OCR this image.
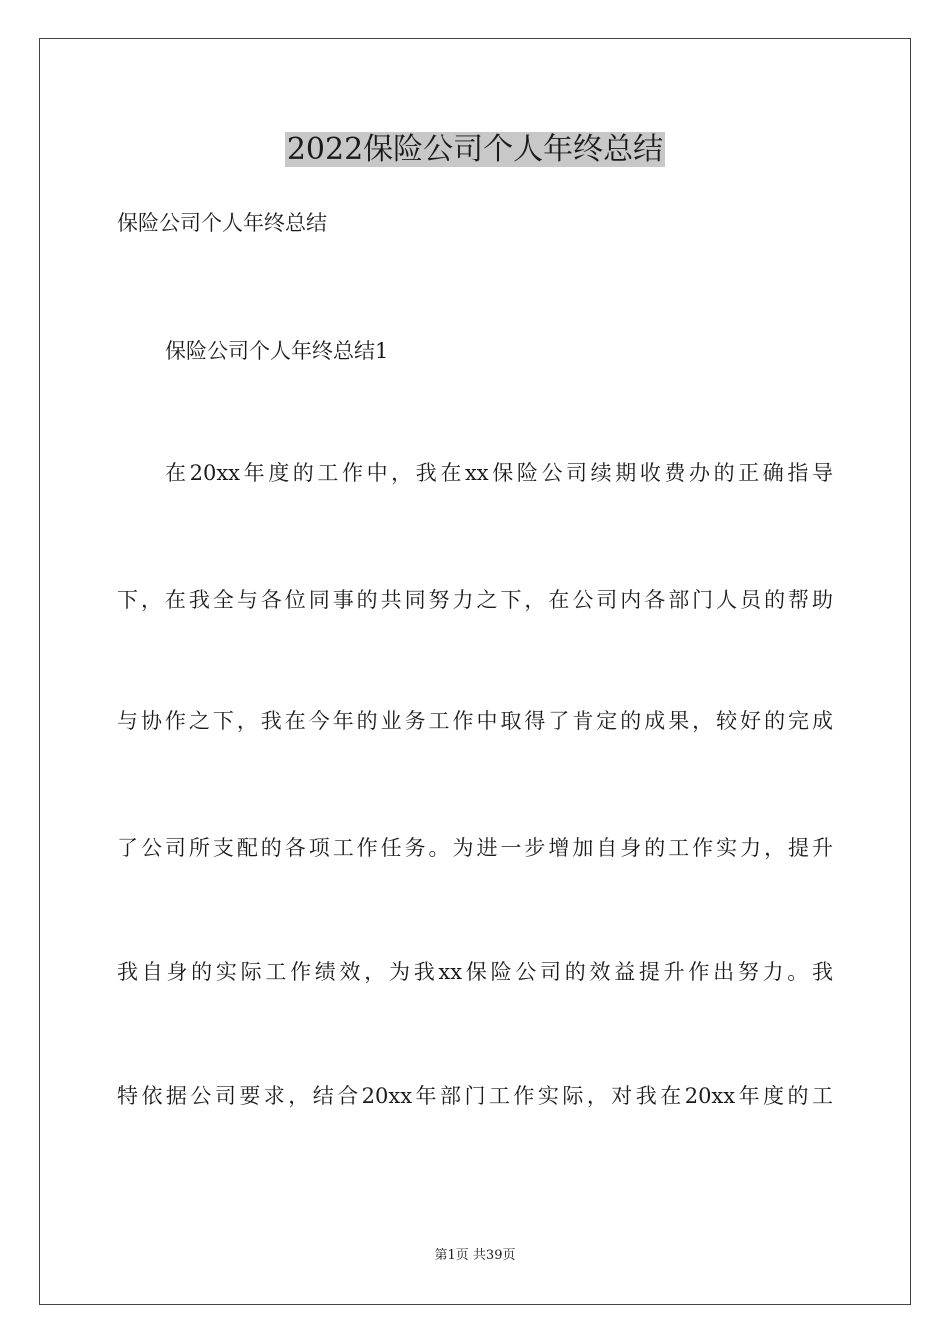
2022保险公司个人年终总结
保险公司个人年终总结
保险公司个人年终总结1
在20xx年度的工作中，我在xx保险公司续期收费办的正确指导
下，在我全与各位同事的共同努力之下，在公司内各部门人员的帮助
与协作之下，我在今年的业务工作中取得了肯定的成果，较好的完成
了公司所支配的各项工作任务。为进一步增加自身的工作实力，提升
我自身的实际工作绩效，为我xx保险公司的效益提升作出努力。我
特依据公司要求，结合20xx年部门工作实际，对我在20xx年度的工
第1页 共39页
